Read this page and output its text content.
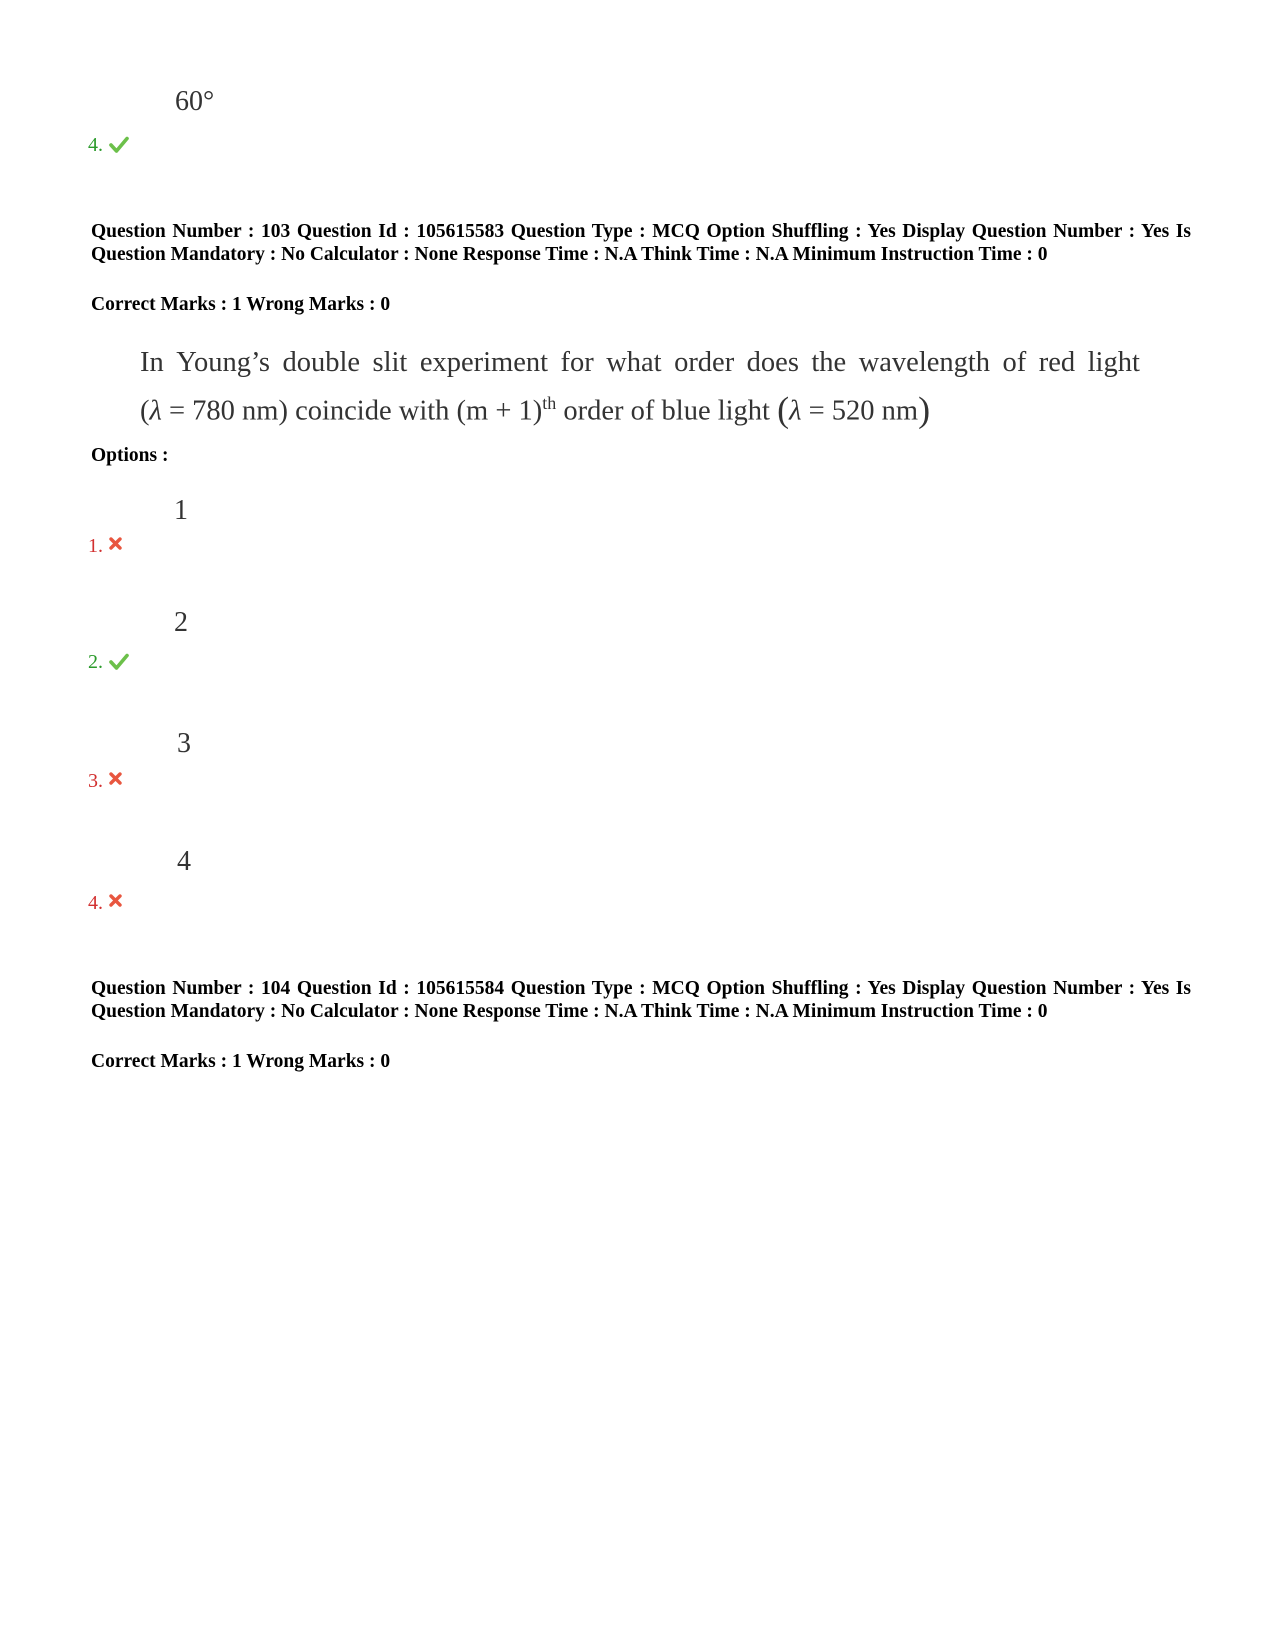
60°
4.
Question Number : 103 Question Id : 105615583 Question Type : MCQ Option Shuffling : Yes Display Question Number : Yes Is Question Mandatory : No Calculator : None Response Time : N.A Think Time : N.A Minimum Instruction Time : 0
Correct Marks : 1 Wrong Marks : 0
In Young’s double slit experiment for what order does the wavelength of red light
(λ = 780 nm) coincide with $(m + 1)^{th}$ order of blue light (λ = 520 nm)
Options :
1
1.
2
2.
3
3.
4
4.
Question Number : 104 Question Id : 105615584 Question Type : MCQ Option Shuffling : Yes Display Question Number : Yes Is Question Mandatory : No Calculator : None Response Time : N.A Think Time : N.A Minimum Instruction Time : 0
Correct Marks : 1 Wrong Marks : 0
